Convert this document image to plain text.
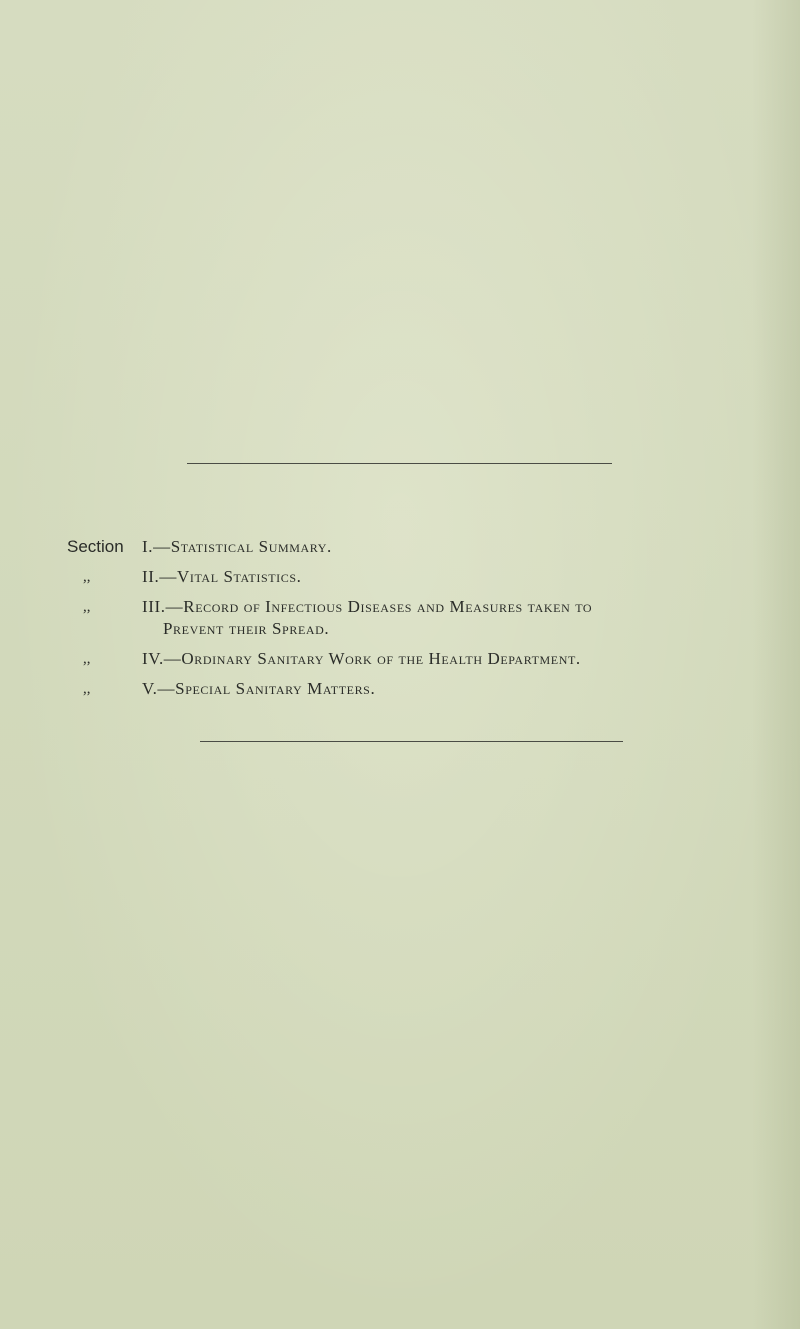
Section I.—Statistical Summary.
,,	II.—Vital Statistics.
,,	III.—Record of Infectious Diseases and Measures taken to
Prevent their Spread.
,,	IV.—Ordinary Sanitary Work of the Health Department.
,,	V.—Special Sanitary Matters.
